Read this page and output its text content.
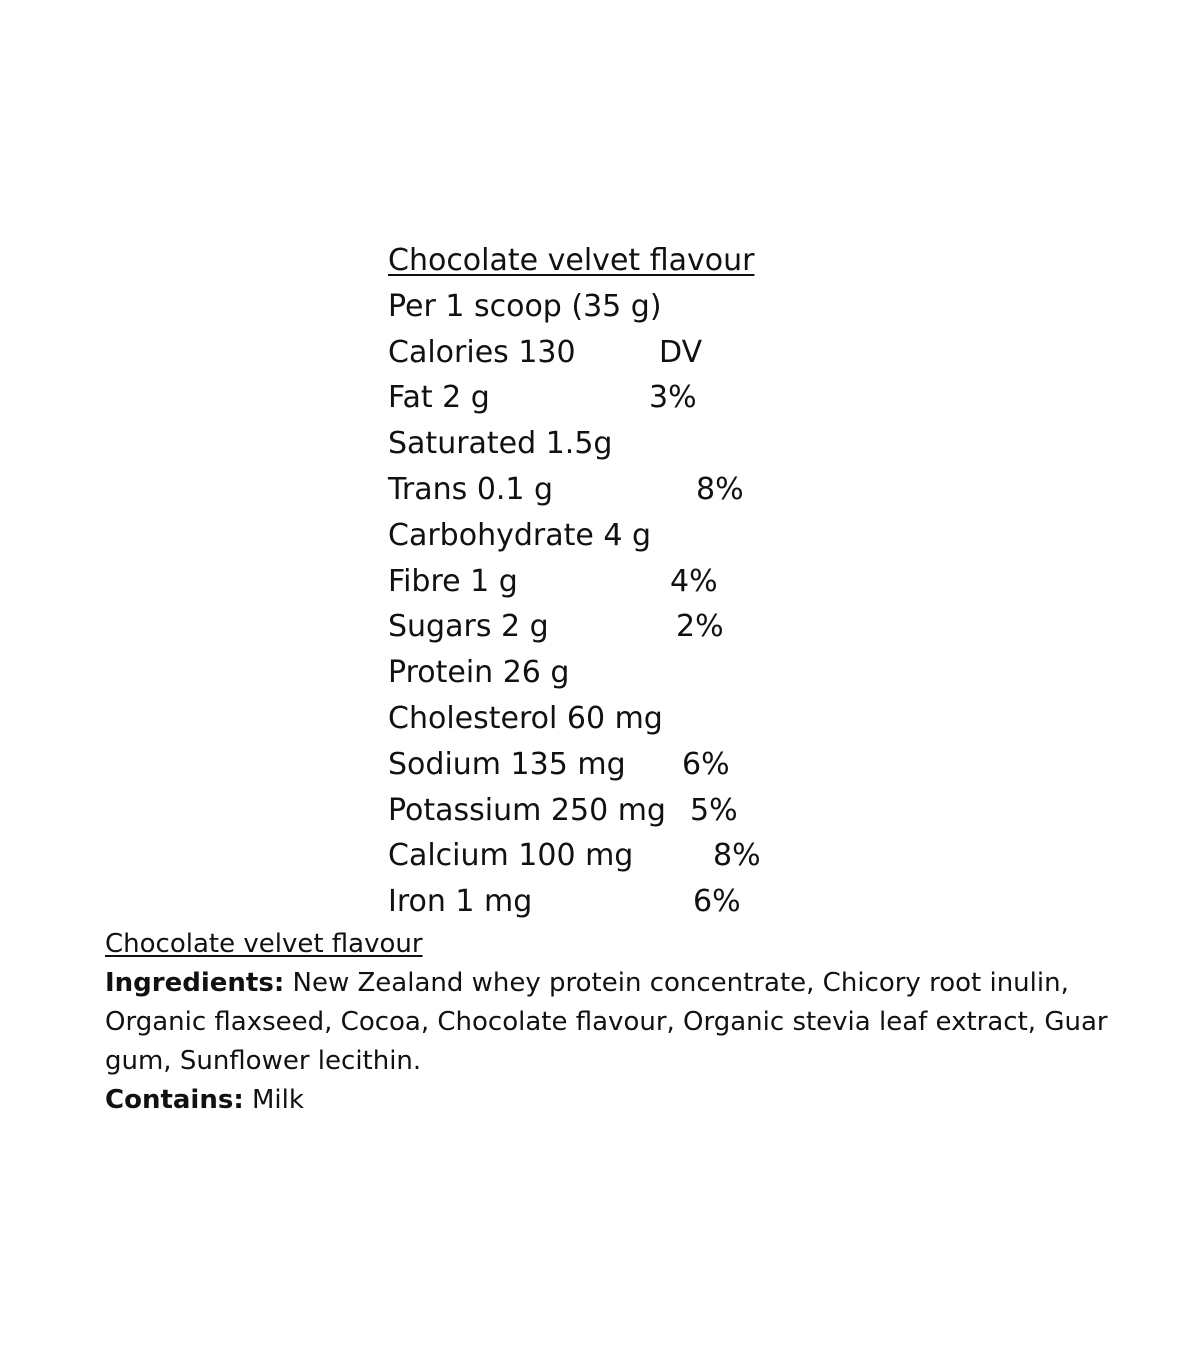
Chocolate velvet flavour
Per 1 scoop (35 g)
Calories 130	DV
Fat 2 g	3%
Saturated 1.5g
Trans 0.1 g	8%
Carbohydrate 4 g
Fibre 1 g	4%
Sugars 2 g	2%
Protein 26 g
Cholesterol 60 mg
Sodium 135 mg 6%
Potassium 250 mg 5%
Calcium 100 mg	8%
Iron 1 mg	6%
Chocolate velvet flavour
Ingredients: New Zealand whey protein concentrate, Chicory root inulin, Organic flaxseed, Cocoa, Chocolate flavour, Organic stevia leaf extract, Guar gum, Sunflower lecithin.
Contains: Milk
